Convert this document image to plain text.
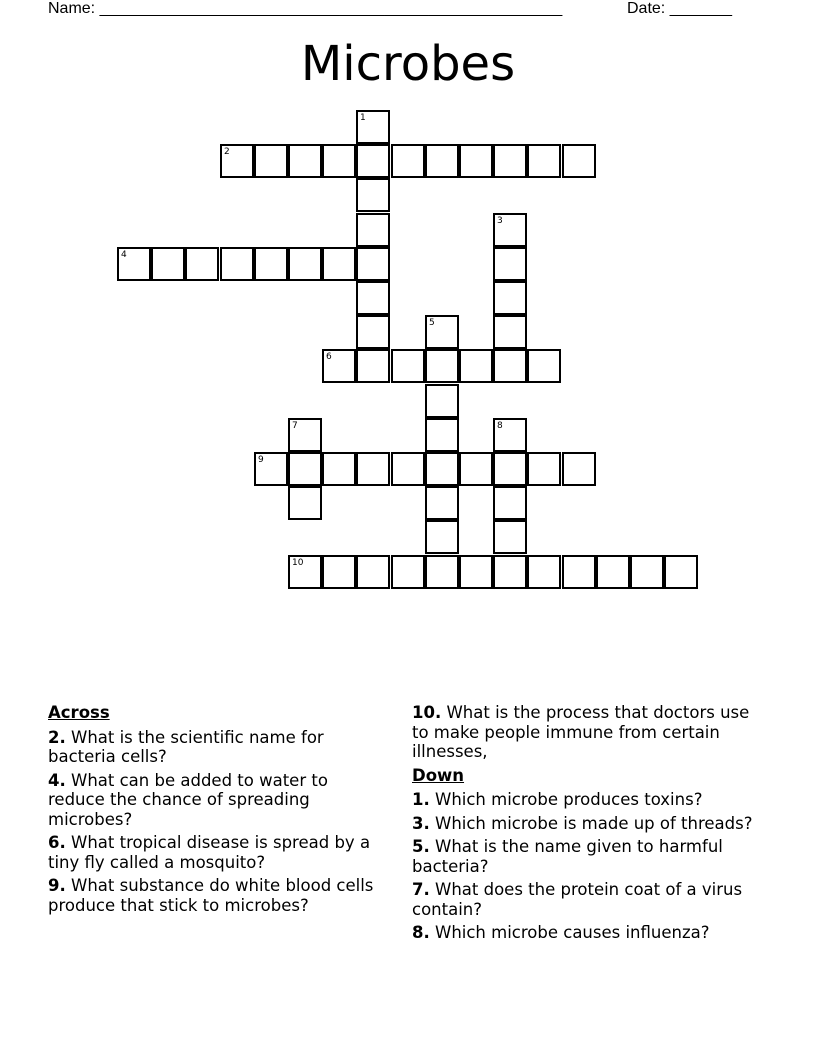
Name: ____________________________________________________	Date: _______
Microbes
1
2
3
4
5
6
7	8
9
10
Across
2. What is the scientific name for bacteria cells?
4. What can be added to water to reduce the chance of spreading microbes?
6. What tropical disease is spread by a tiny fly called a mosquito?
9. What substance do white blood cells produce that stick to microbes?
10. What is the process that doctors use to make people immune from certain illnesses,
Down
1. Which microbe produces toxins?
3. Which microbe is made up of threads?
5. What is the name given to harmful bacteria?
7. What does the protein coat of a virus contain?
8. Which microbe causes influenza?
